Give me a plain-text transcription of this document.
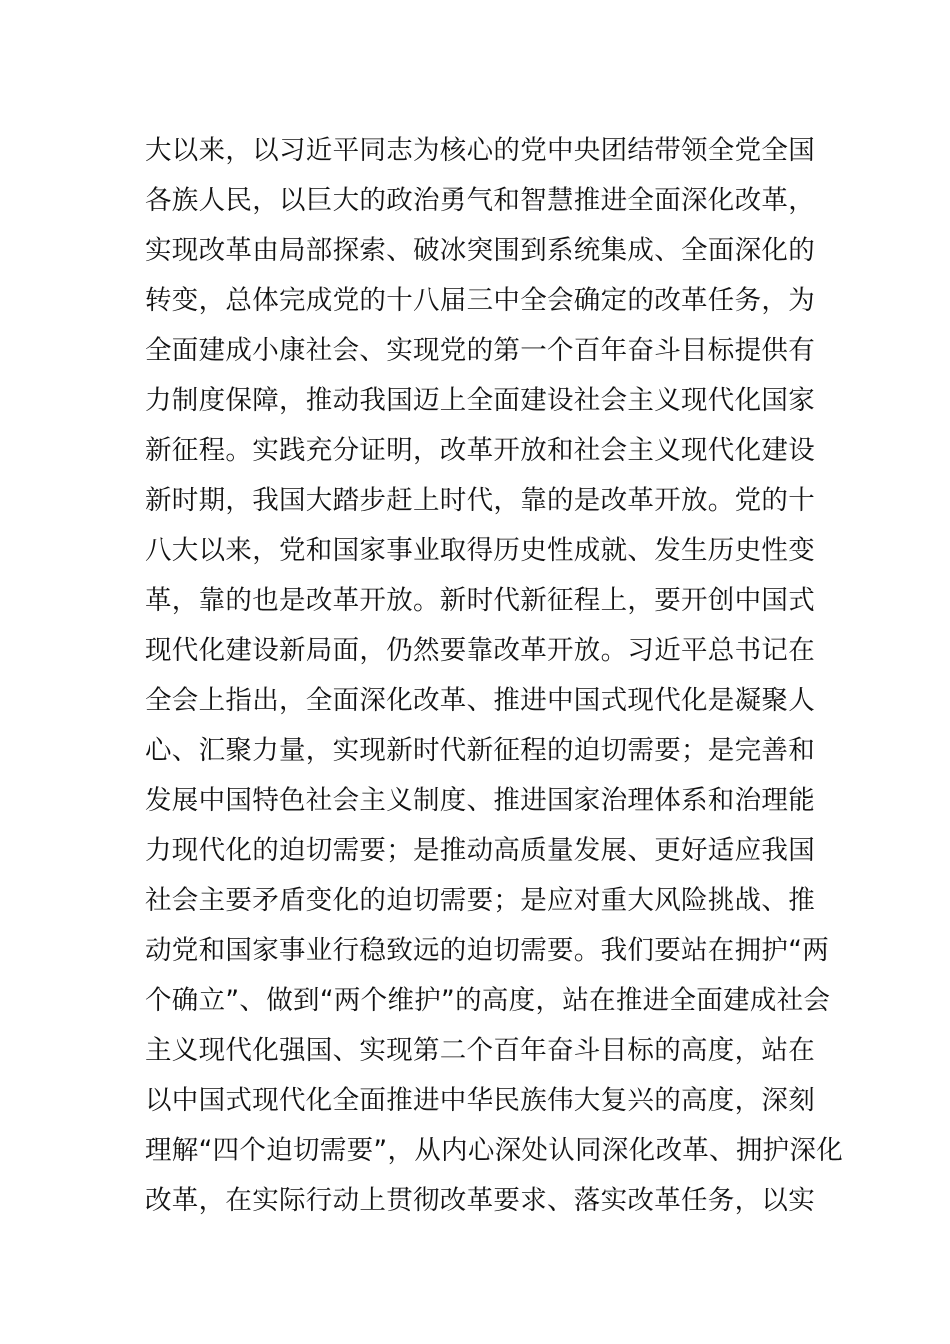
大以来，以习近平同志为核心的党中央团结带领全党全国
各族人民，以巨大的政治勇气和智慧推进全面深化改革，
实现改革由局部探索、破冰突围到系统集成、全面深化的
转变，总体完成党的十八届三中全会确定的改革任务，为
全面建成小康社会、实现党的第一个百年奋斗目标提供有
力制度保障，推动我国迈上全面建设社会主义现代化国家
新征程。实践充分证明，改革开放和社会主义现代化建设
新时期，我国大踏步赶上时代，靠的是改革开放。党的十
八大以来，党和国家事业取得历史性成就、发生历史性变
革，靠的也是改革开放。新时代新征程上，要开创中国式
现代化建设新局面，仍然要靠改革开放。习近平总书记在
全会上指出，全面深化改革、推进中国式现代化是凝聚人
心、汇聚力量，实现新时代新征程的迫切需要；是完善和
发展中国特色社会主义制度、推进国家治理体系和治理能
力现代化的迫切需要；是推动高质量发展、更好适应我国
社会主要矛盾变化的迫切需要；是应对重大风险挑战、推
动党和国家事业行稳致远的迫切需要。我们要站在拥护“两
个确立”、做到“两个维护”的高度，站在推进全面建成社会
主义现代化强国、实现第二个百年奋斗目标的高度，站在
以中国式现代化全面推进中华民族伟大复兴的高度，深刻
理解“四个迫切需要”，从内心深处认同深化改革、拥护深化
改革，在实际行动上贯彻改革要求、落实改革任务，以实
